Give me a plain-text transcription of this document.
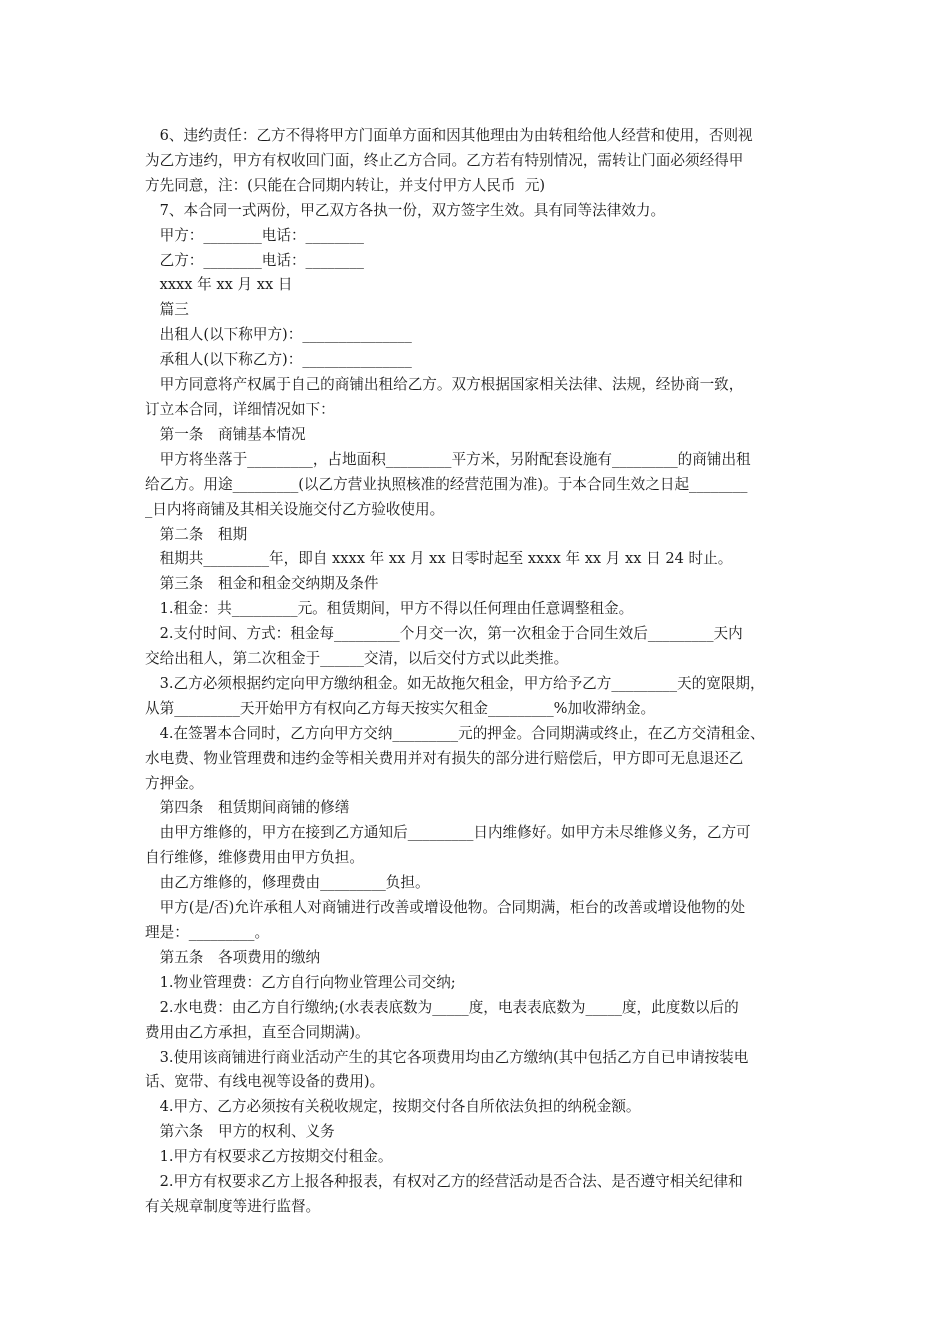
　6、违约责任：乙方不得将甲方门面单方面和因其他理由为由转租给他人经营和使用，否则视
为乙方违约，甲方有权收回门面，终止乙方合同。乙方若有特别情况，需转让门面必须经得甲
方先同意，注：(只能在合同期内转让，并支付甲方人民币  元)
　7、本合同一式两份，甲乙双方各执一份，双方签字生效。具有同等法律效力。
　甲方：________电话：________
　乙方：________电话：________
　xxxx 年 xx 月 xx 日
　篇三
　出租人(以下称甲方)：_______________
　承租人(以下称乙方)：_______________
　甲方同意将产权属于自己的商铺出租给乙方。双方根据国家相关法律、法规，经协商一致，
订立本合同，详细情况如下：
　第一条　商铺基本情况
　甲方将坐落于_________，占地面积_________平方米，另附配套设施有_________的商铺出租
给乙方。用途_________(以乙方营业执照核准的经营范围为准)。于本合同生效之日起________
_日内将商铺及其相关设施交付乙方验收使用。
　第二条　租期
　租期共_________年，即自 xxxx 年 xx 月 xx 日零时起至 xxxx 年 xx 月 xx 日 24 时止。
　第三条　租金和租金交纳期及条件
　1.租金：共_________元。租赁期间，甲方不得以任何理由任意调整租金。
　2.支付时间、方式：租金每_________个月交一次，第一次租金于合同生效后_________天内
交给出租人，第二次租金于______交清，以后交付方式以此类推。
　3.乙方必须根据约定向甲方缴纳租金。如无故拖欠租金，甲方给予乙方_________天的宽限期，
从第_________天开始甲方有权向乙方每天按实欠租金_________%加收滞纳金。
　4.在签署本合同时，乙方向甲方交纳_________元的押金。合同期满或终止，在乙方交清租金、
水电费、物业管理费和违约金等相关费用并对有损失的部分进行赔偿后，甲方即可无息退还乙
方押金。
　第四条　租赁期间商铺的修缮
　由甲方维修的，甲方在接到乙方通知后_________日内维修好。如甲方未尽维修义务，乙方可
自行维修，维修费用由甲方负担。
　由乙方维修的，修理费由_________负担。
　甲方(是/否)允许承租人对商铺进行改善或增设他物。合同期满，柜台的改善或增设他物的处
理是：_________。
　第五条　各项费用的缴纳
　1.物业管理费：乙方自行向物业管理公司交纳;
　2.水电费：由乙方自行缴纳;(水表表底数为_____度，电表表底数为_____度，此度数以后的
费用由乙方承担，直至合同期满)。
　3.使用该商铺进行商业活动产生的其它各项费用均由乙方缴纳(其中包括乙方自已申请按装电
话、宽带、有线电视等设备的费用)。
　4.甲方、乙方必须按有关税收规定，按期交付各自所依法负担的纳税金额。
　第六条　甲方的权利、义务
　1.甲方有权要求乙方按期交付租金。
　2.甲方有权要求乙方上报各种报表，有权对乙方的经营活动是否合法、是否遵守相关纪律和
有关规章制度等进行监督。
